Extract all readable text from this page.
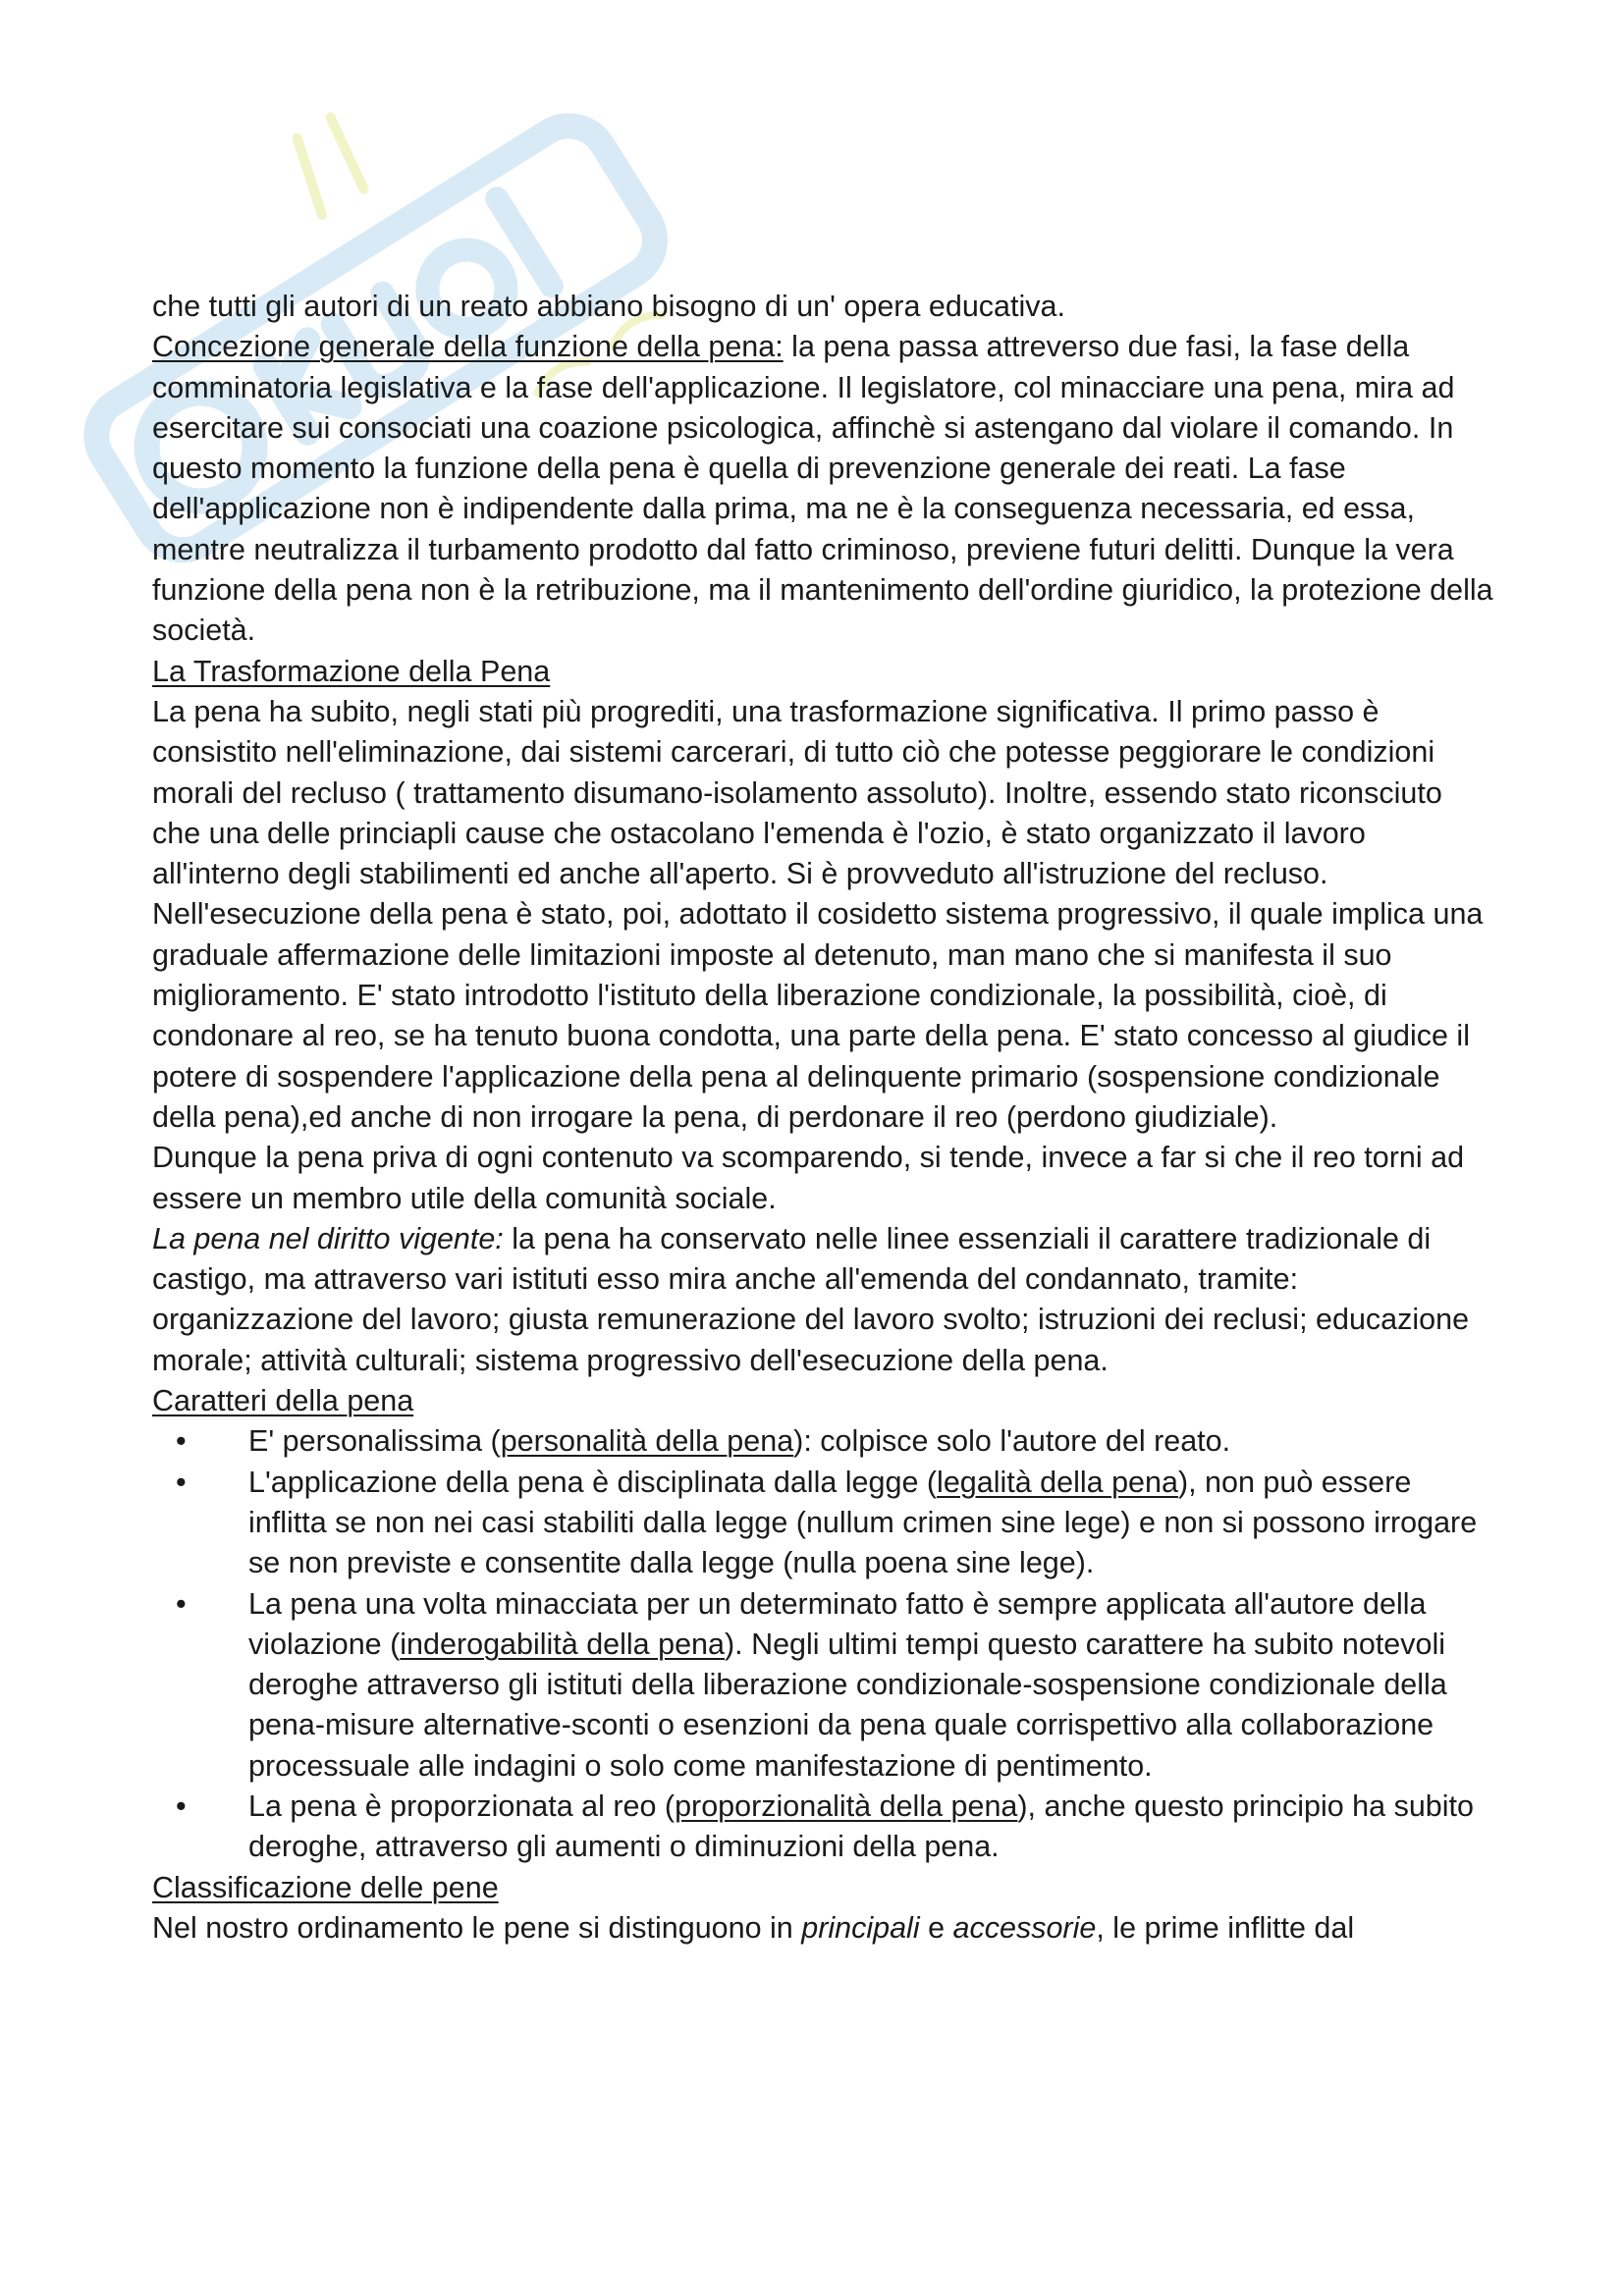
che tutti gli autori di un reato abbiano bisogno di un' opera educativa.

Concezione generale della funzione della pena: la pena passa attreverso due fasi, la fase della comminatoria legislativa e la fase dell'applicazione. Il legislatore, col minacciare una pena, mira ad esercitare sui consociati una coazione psicologica, affinchè si astengano dal violare il comando. In questo momento la funzione della pena è quella di prevenzione generale dei reati. La fase dell'applicazione non è indipendente dalla prima, ma ne è la conseguenza necessaria, ed essa, mentre neutralizza il turbamento prodotto dal fatto criminoso, previene futuri delitti. Dunque la vera funzione della pena non è la retribuzione, ma il mantenimento dell'ordine giuridico, la protezione della società.

La Trasformazione della Pena

La pena ha subito, negli stati più progrediti, una trasformazione significativa. Il primo passo è consistito nell'eliminazione, dai sistemi carcerari, di tutto ciò che potesse peggiorare le condizioni morali del recluso ( trattamento disumano-isolamento assoluto). Inoltre, essendo stato riconsciuto che una delle princiapli cause che ostacolano l'emenda è l'ozio, è stato organizzato il lavoro all'interno degli stabilimenti ed anche all'aperto. Si è provveduto all'istruzione del recluso. Nell'esecuzione della pena è stato, poi, adottato il cosidetto sistema progressivo, il quale implica una graduale affermazione delle limitazioni imposte al detenuto, man mano che si manifesta il suo miglioramento. E' stato introdotto l'istituto della liberazione condizionale, la possibilità, cioè, di condonare al reo, se ha tenuto buona condotta, una parte della pena. E' stato concesso al giudice il potere di sospendere l'applicazione della pena al delinquente primario (sospensione condizionale della pena),ed anche di non irrogare la pena, di perdonare il reo (perdono giudiziale).

Dunque la pena priva di ogni contenuto va scomparendo, si tende, invece a far si che il reo torni ad essere un membro utile della comunità sociale.

La pena nel diritto vigente: la pena ha conservato nelle linee essenziali il carattere tradizionale di castigo, ma attraverso vari istituti esso mira anche all'emenda del condannato, tramite: organizzazione del lavoro; giusta remunerazione del lavoro svolto; istruzioni dei reclusi; educazione morale; attività culturali; sistema progressivo dell'esecuzione della pena.

Caratteri della pena

• E' personalissima (personalità della pena): colpisce solo l'autore del reato.
• L'applicazione della pena è disciplinata dalla legge (legalità della pena), non può essere inflitta se non nei casi stabiliti dalla legge (nullum crimen sine lege) e non si possono irrogare se non previste e consentite dalla legge (nulla poena sine lege).
• La pena una volta minacciata per un determinato fatto è sempre applicata all'autore della violazione (inderogabilità della pena). Negli ultimi tempi questo carattere ha subito notevoli deroghe attraverso gli istituti della liberazione condizionale-sospensione condizionale della pena-misure alternative-sconti o esenzioni da pena quale corrispettivo alla collaborazione processuale alle indagini o solo come manifestazione di pentimento.
• La pena è proporzionata al reo (proporzionalità della pena), anche questo principio ha subito deroghe, attraverso gli aumenti o diminuzioni della pena.

Classificazione delle pene

Nel nostro ordinamento le pene si distinguono in principali e accessorie, le prime inflitte dal
